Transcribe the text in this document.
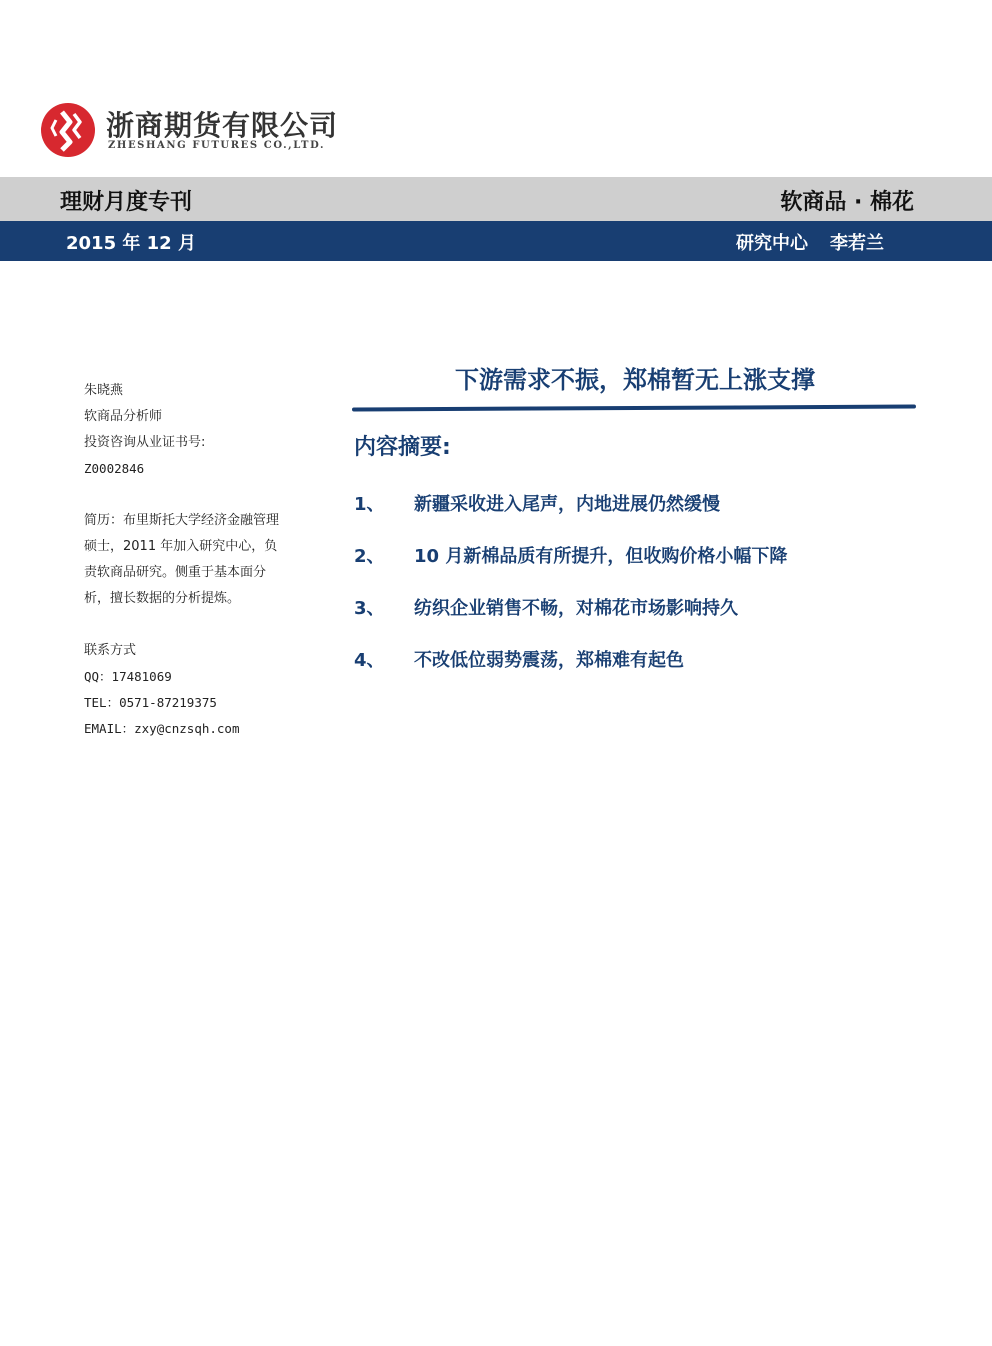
浙商期货有限公司
ZHESHANG FUTURES CO.,LTD.
理财月度专刊	软商品 · 棉花
2015 年 12 月	研究中心 李若兰

朱晓燕

软商品分析师

投资咨询从业证书号:

Z0002846

简历：布里斯托大学经济金融管理硕士，2011 年加入研究中心，负责软商品研究。侧重于基本面分析，擅长数据的分析提炼。

联系方式

QQ：17481069

TEL：0571-87219375

EMAIL：zxy@cnzsqh.com

下游需求不振，郑棉暂无上涨支撑
内容摘要:
1、 新疆采收进入尾声，内地进展仍然缓慢
2、 10 月新棉品质有所提升，但收购价格小幅下降
3、 纺织企业销售不畅，对棉花市场影响持久
4、 不改低位弱势震荡，郑棉难有起色
